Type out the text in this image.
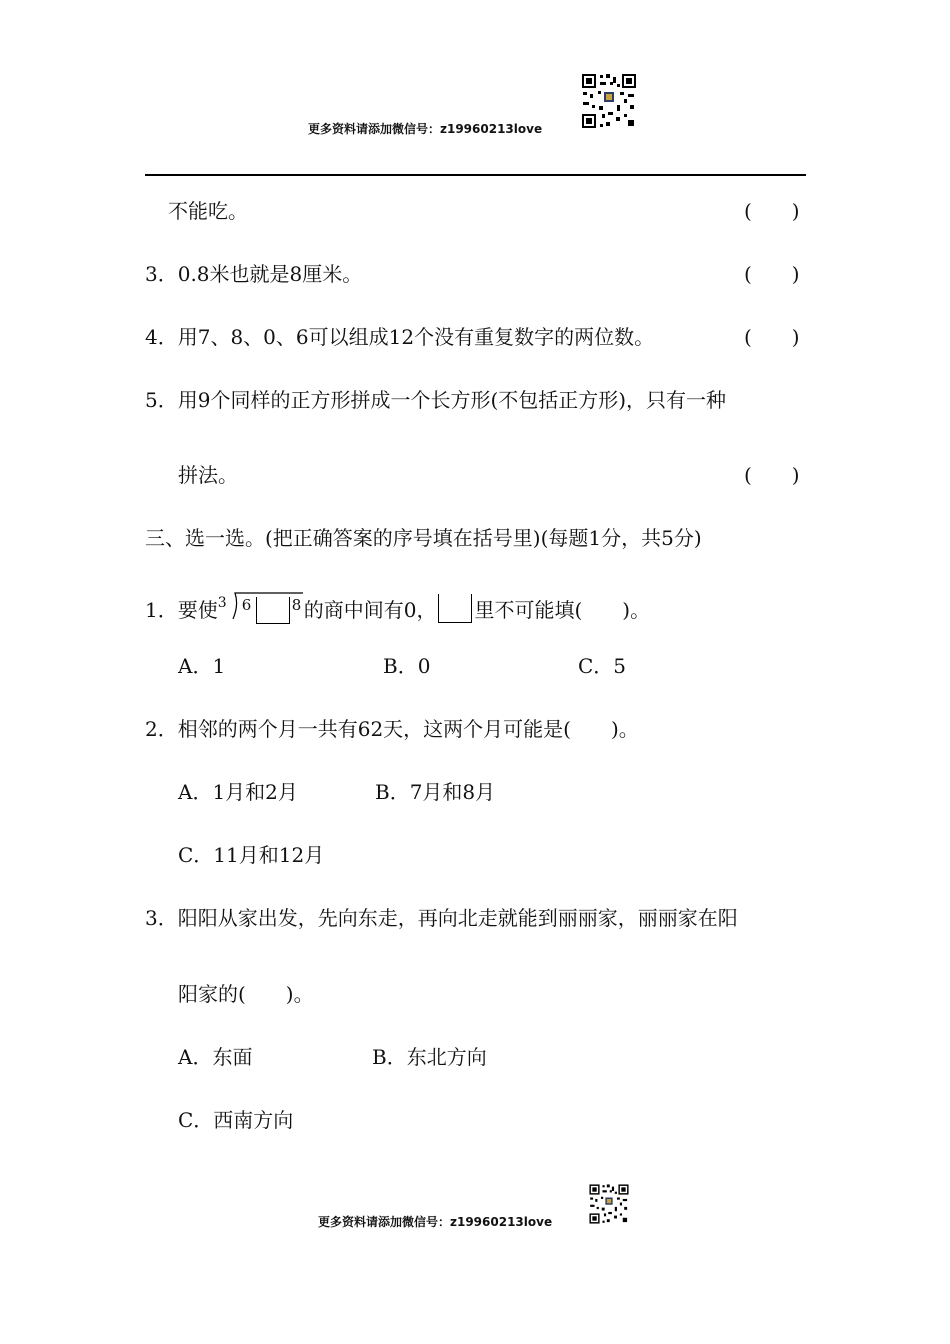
更多资料请添加微信号：z19960213love
不能吃。	(　　)
3．0.8米也就是8厘米。	(　　)
4．用7、8、0、6可以组成12个没有重复数字的两位数。	(　　)
5．用9个同样的正方形拼成一个长方形(不包括正方形)，只有一种
拼法。	(　　)
三、选一选。(把正确答案的序号填在括号里)(每题1分，共5分)
1．要使 3 6	8 的商中间有0， 里不可能填(　　)。
A．1	B．0	C．5
2．相邻的两个月一共有62天，这两个月可能是(　　)。
A．1月和2月	B．7月和8月
C．11月和12月
3．阳阳从家出发，先向东走，再向北走就能到丽丽家，丽丽家在阳
阳家的(　　)。
A．东面	B．东北方向
C．西南方向
更多资料请添加微信号：z19960213love
